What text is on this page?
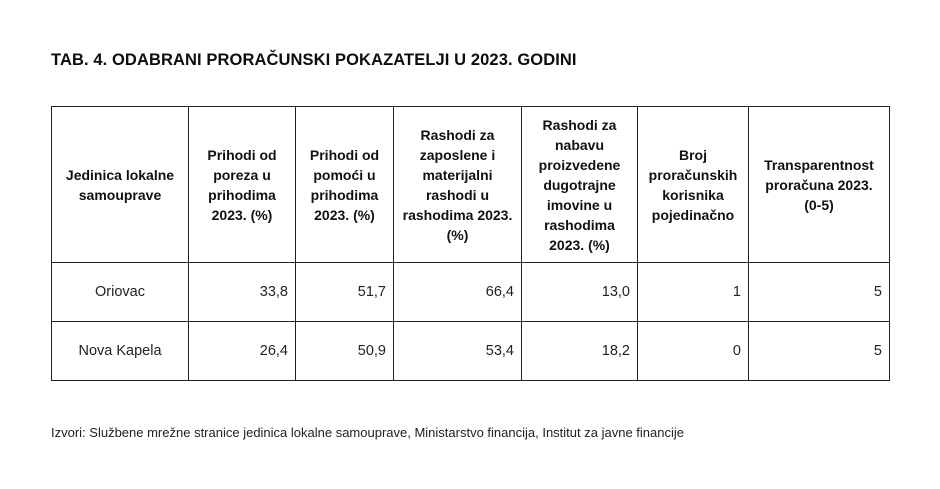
TAB. 4. ODABRANI PRORAČUNSKI POKAZATELJI U 2023. GODINI
Jedinica lokalne samouprave	Prihodi od poreza u prihodima 2023. (%)	Prihodi od pomoći u prihodima 2023. (%)	Rashodi za zaposlene i materijalni rashodi u rashodima 2023. (%)	Rashodi za nabavu proizvedene dugotrajne imovine u rashodima 2023. (%)	Broj proračunskih korisnika pojedinačno	Transparentnost proračuna 2023. (0-5)
Oriovac	33,8	51,7	66,4	13,0	1	5
Nova Kapela	26,4	50,9	53,4	18,2	0	5
Izvori: Službene mrežne stranice jedinica lokalne samouprave, Ministarstvo financija, Institut za javne financije
